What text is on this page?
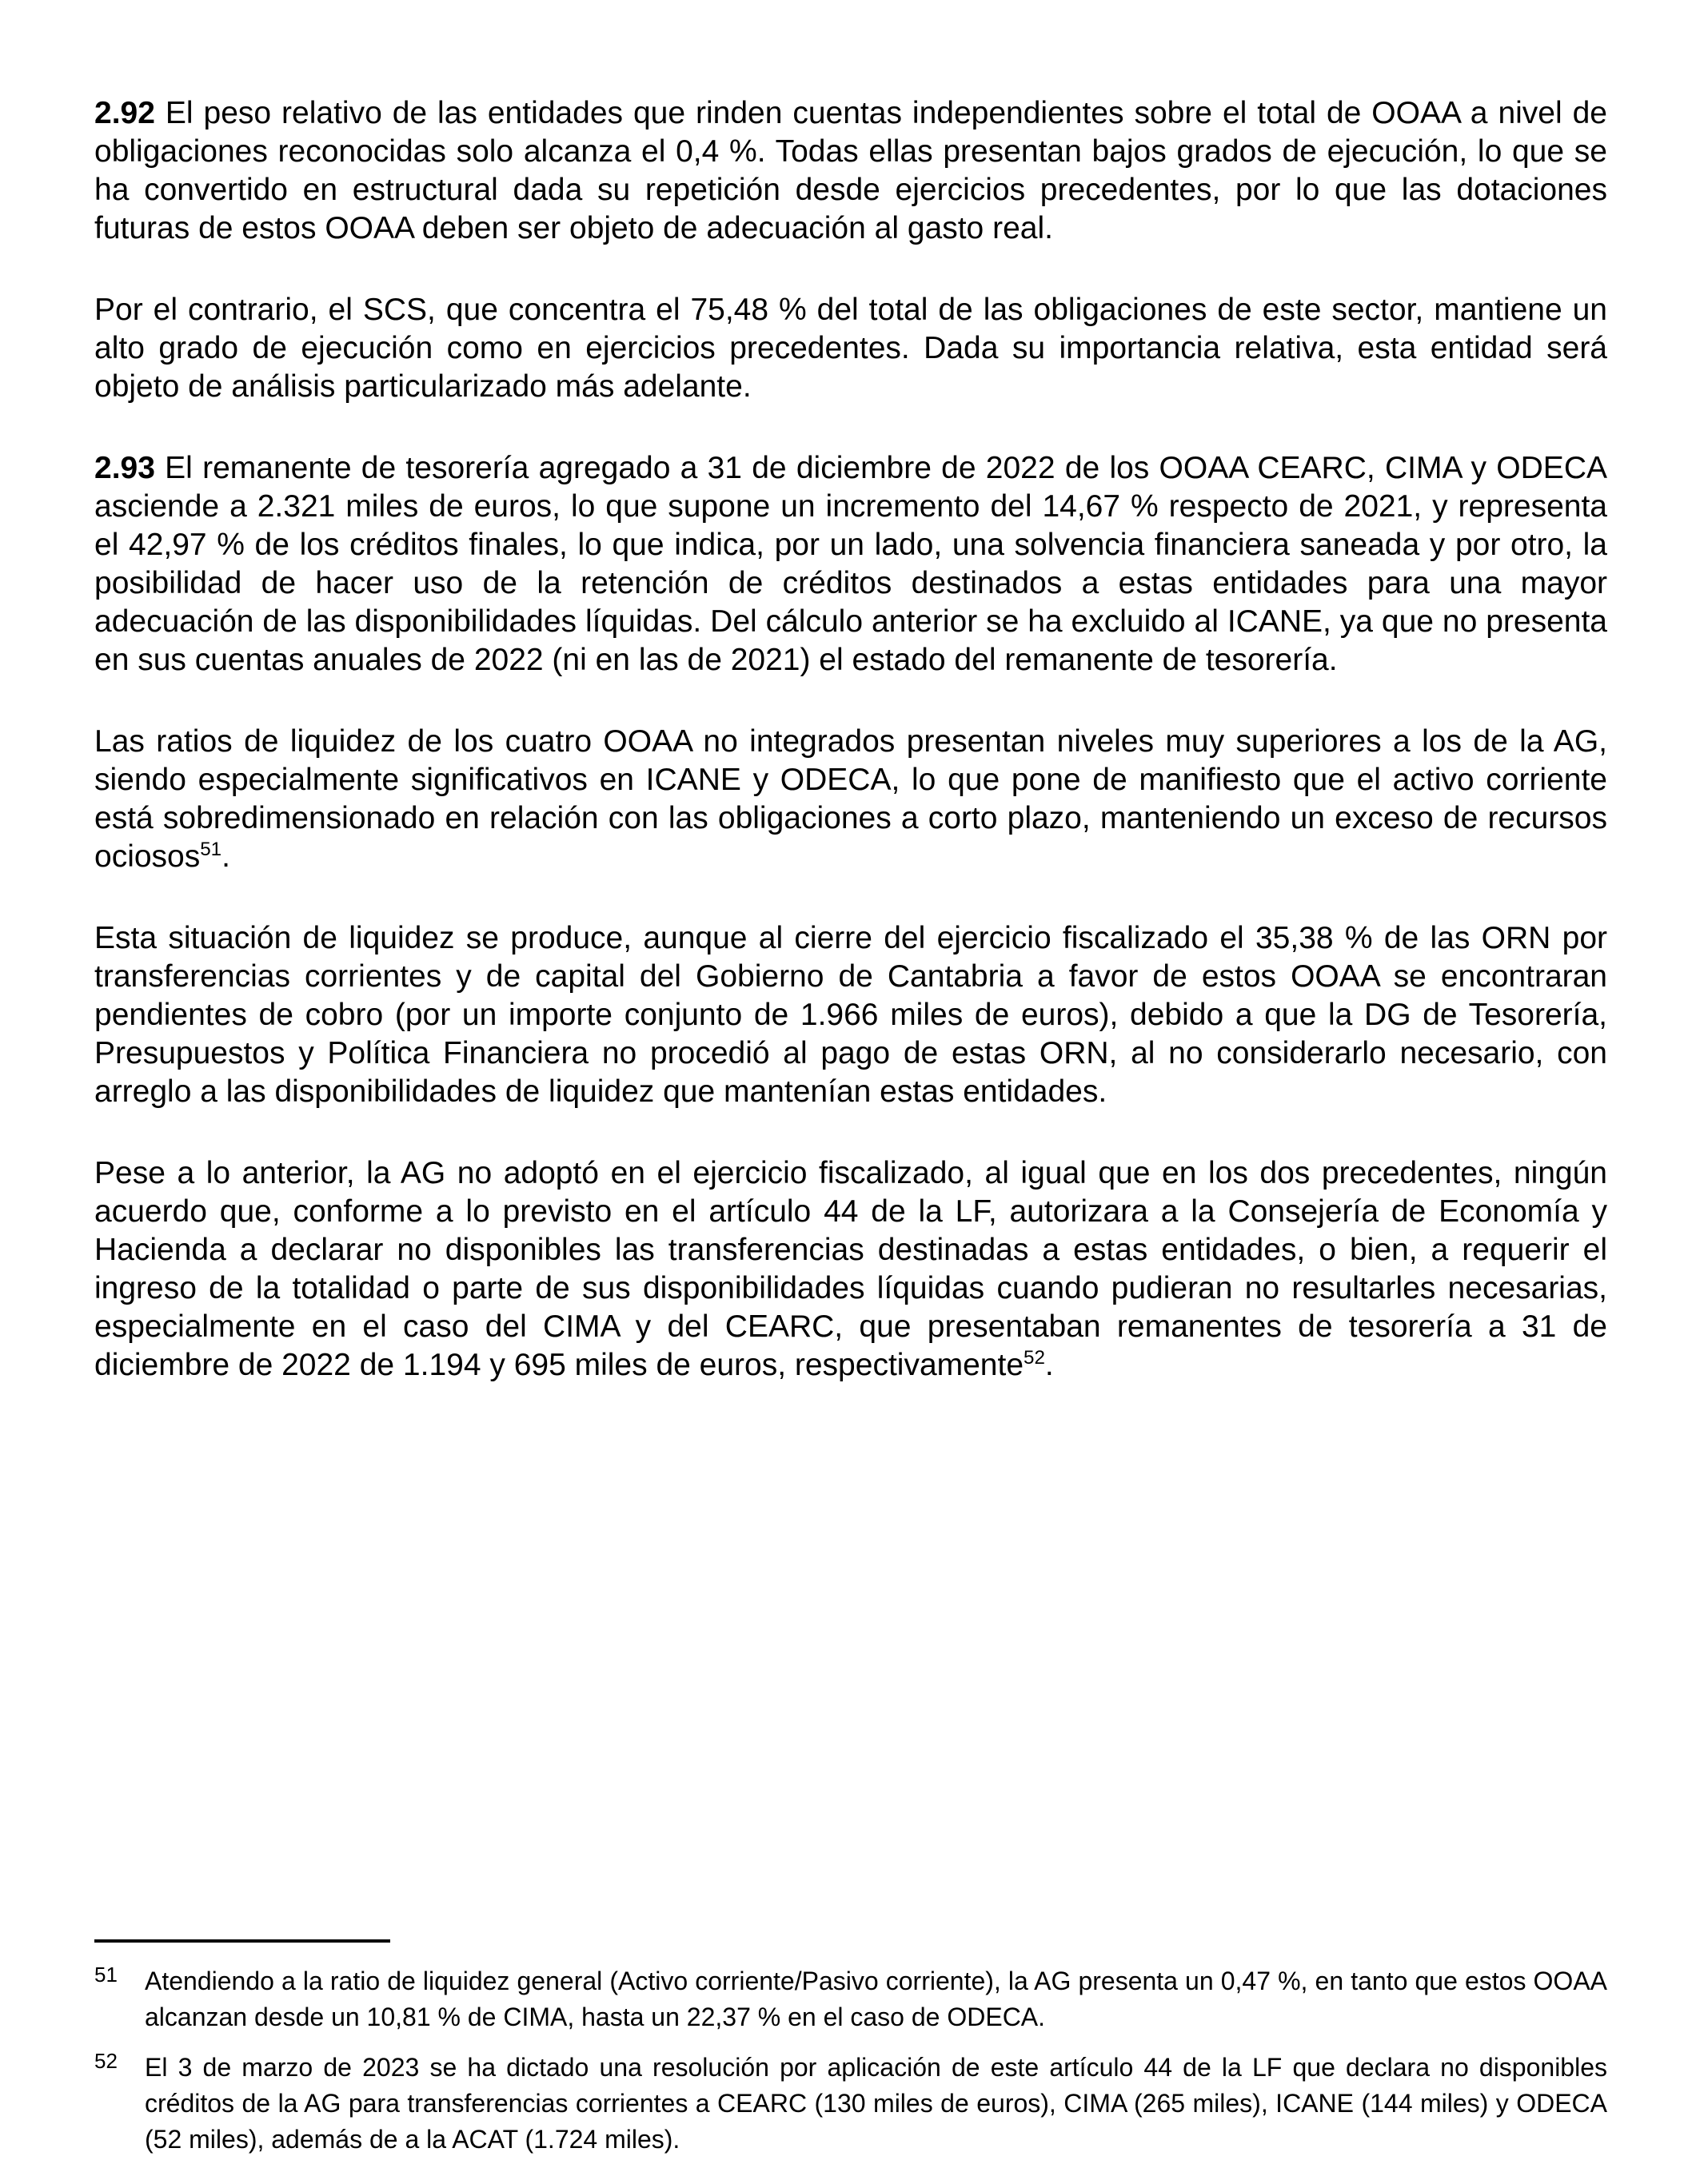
2.92 El peso relativo de las entidades que rinden cuentas independientes sobre el total de OOAA a nivel de obligaciones reconocidas solo alcanza el 0,4 %. Todas ellas presentan bajos grados de ejecución, lo que se ha convertido en estructural dada su repetición desde ejercicios precedentes, por lo que las dotaciones futuras de estos OOAA deben ser objeto de adecuación al gasto real.

Por el contrario, el SCS, que concentra el 75,48 % del total de las obligaciones de este sector, mantiene un alto grado de ejecución como en ejercicios precedentes. Dada su importancia relativa, esta entidad será objeto de análisis particularizado más adelante.

2.93 El remanente de tesorería agregado a 31 de diciembre de 2022 de los OOAA CEARC, CIMA y ODECA asciende a 2.321 miles de euros, lo que supone un incremento del 14,67 % respecto de 2021, y representa el 42,97 % de los créditos finales, lo que indica, por un lado, una solvencia financiera saneada y por otro, la posibilidad de hacer uso de la retención de créditos destinados a estas entidades para una mayor adecuación de las disponibilidades líquidas. Del cálculo anterior se ha excluido al ICANE, ya que no presenta en sus cuentas anuales de 2022 (ni en las de 2021) el estado del remanente de tesorería.

Las ratios de liquidez de los cuatro OOAA no integrados presentan niveles muy superiores a los de la AG, siendo especialmente significativos en ICANE y ODECA, lo que pone de manifiesto que el activo corriente está sobredimensionado en relación con las obligaciones a corto plazo, manteniendo un exceso de recursos ociosos$^{51}$.

Esta situación de liquidez se produce, aunque al cierre del ejercicio fiscalizado el 35,38 % de las ORN por transferencias corrientes y de capital del Gobierno de Cantabria a favor de estos OOAA se encontraran pendientes de cobro (por un importe conjunto de 1.966 miles de euros), debido a que la DG de Tesorería, Presupuestos y Política Financiera no procedió al pago de estas ORN, al no considerarlo necesario, con arreglo a las disponibilidades de liquidez que mantenían estas entidades.

Pese a lo anterior, la AG no adoptó en el ejercicio fiscalizado, al igual que en los dos precedentes, ningún acuerdo que, conforme a lo previsto en el artículo 44 de la LF, autorizara a la Consejería de Economía y Hacienda a declarar no disponibles las transferencias destinadas a estas entidades, o bien, a requerir el ingreso de la totalidad o parte de sus disponibilidades líquidas cuando pudieran no resultarles necesarias, especialmente en el caso del CIMA y del CEARC, que presentaban remanentes de tesorería a 31 de diciembre de 2022 de 1.194 y 695 miles de euros, respectivamente$^{52}$.

51	Atendiendo a la ratio de liquidez general (Activo corriente/Pasivo corriente), la AG presenta un 0,47 %, en tanto que estos OOAA alcanzan desde un 10,81 % de CIMA, hasta un 22,37 % en el caso de ODECA.
52	El 3 de marzo de 2023 se ha dictado una resolución por aplicación de este artículo 44 de la LF que declara no disponibles créditos de la AG para transferencias corrientes a CEARC (130 miles de euros), CIMA (265 miles), ICANE (144 miles) y ODECA (52 miles), además de a la ACAT (1.724 miles).
